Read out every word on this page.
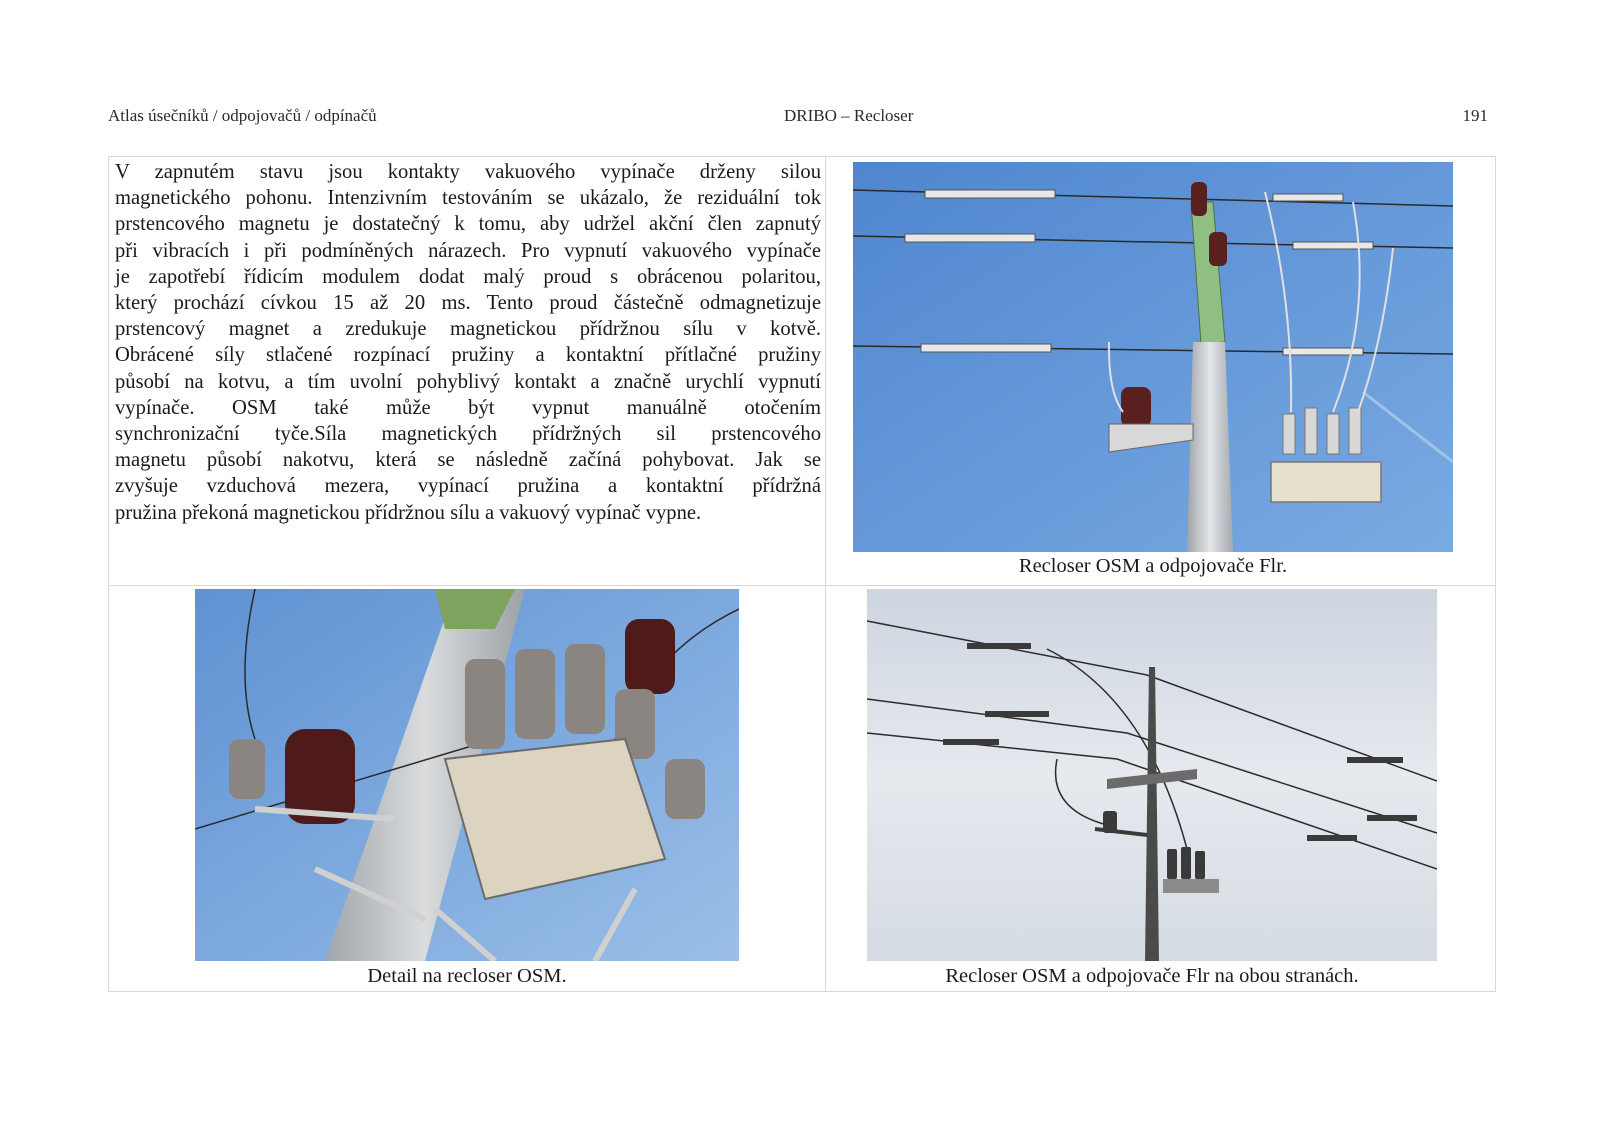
Atlas úsečníků / odpojovačů / odpínačů	DRIBO – Recloser	191
V zapnutém stavu jsou kontakty vakuového vypínače drženy silou
magnetického pohonu. Intenzivním testováním se ukázalo, že reziduální tok
prstencového magnetu je dostatečný k tomu, aby udržel akční člen zapnutý
při vibracích i při podmíněných nárazech. Pro vypnutí vakuového vypínače
je zapotřebí řídicím modulem dodat malý proud s obrácenou polaritou,
který prochází cívkou 15 až 20 ms. Tento proud částečně odmagnetizuje
prstencový magnet a zredukuje magnetickou přídržnou sílu v kotvě.
Obrácené síly stlačené rozpínací pružiny a kontaktní přítlačné pružiny
působí na kotvu, a tím uvolní pohyblivý kontakt a značně urychlí vypnutí
vypínače. OSM také může být vypnut manuálně otočením
synchronizační tyče.Síla magnetických přídržných sil prstencového
magnetu působí nakotvu, která se následně začíná pohybovat. Jak se
zvyšuje vzduchová mezera, vypínací pružina a kontaktní přídržná
pružina překoná magnetickou přídržnou sílu a vakuový vypínač vypne.
Recloser OSM a odpojovače Flr.
Detail na recloser OSM.	Recloser OSM a odpojovače Flr na obou stranách.
